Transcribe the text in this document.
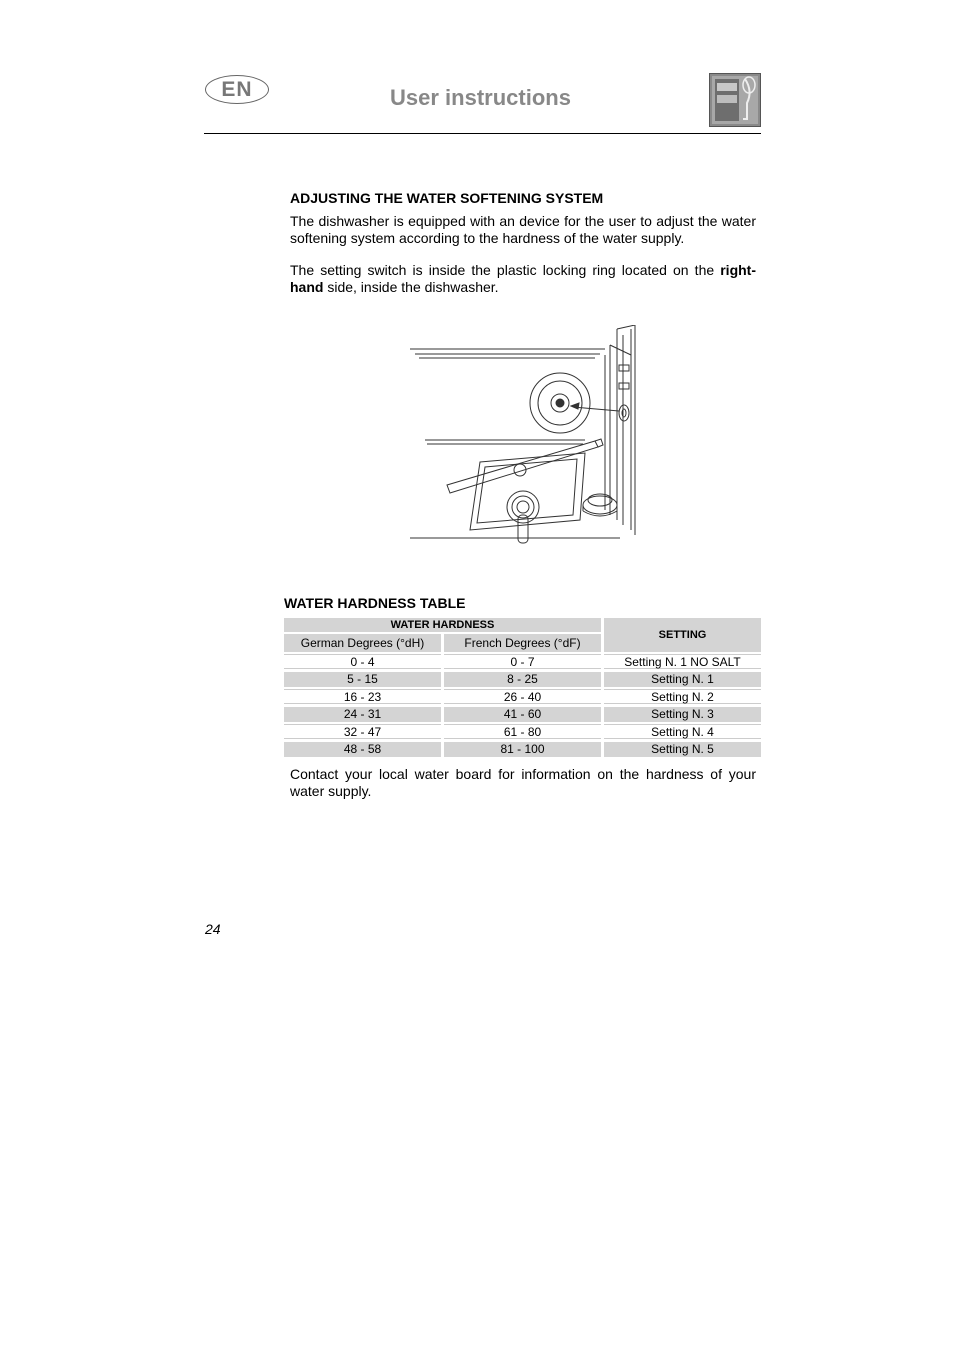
EN	User instructions
ADJUSTING THE WATER SOFTENING SYSTEM
The dishwasher is equipped with an device for the user to adjust the water softening system according to the hardness of the water supply.
The setting switch is inside the plastic locking ring located on the right-hand side, inside the dishwasher.
WATER HARDNESS TABLE
WATER HARDNESS
SETTING
German Degrees (°dH)	French Degrees (°dF)
0 - 4	0 - 7	Setting N. 1 NO SALT
5 - 15	8 - 25	Setting N. 1
16 - 23	26 - 40	Setting N. 2
24 - 31	41 - 60	Setting N. 3
32 - 47	61 - 80	Setting N. 4
48 - 58	81 - 100	Setting N. 5
Contact your local water board for information on the hardness of your water supply.
24
